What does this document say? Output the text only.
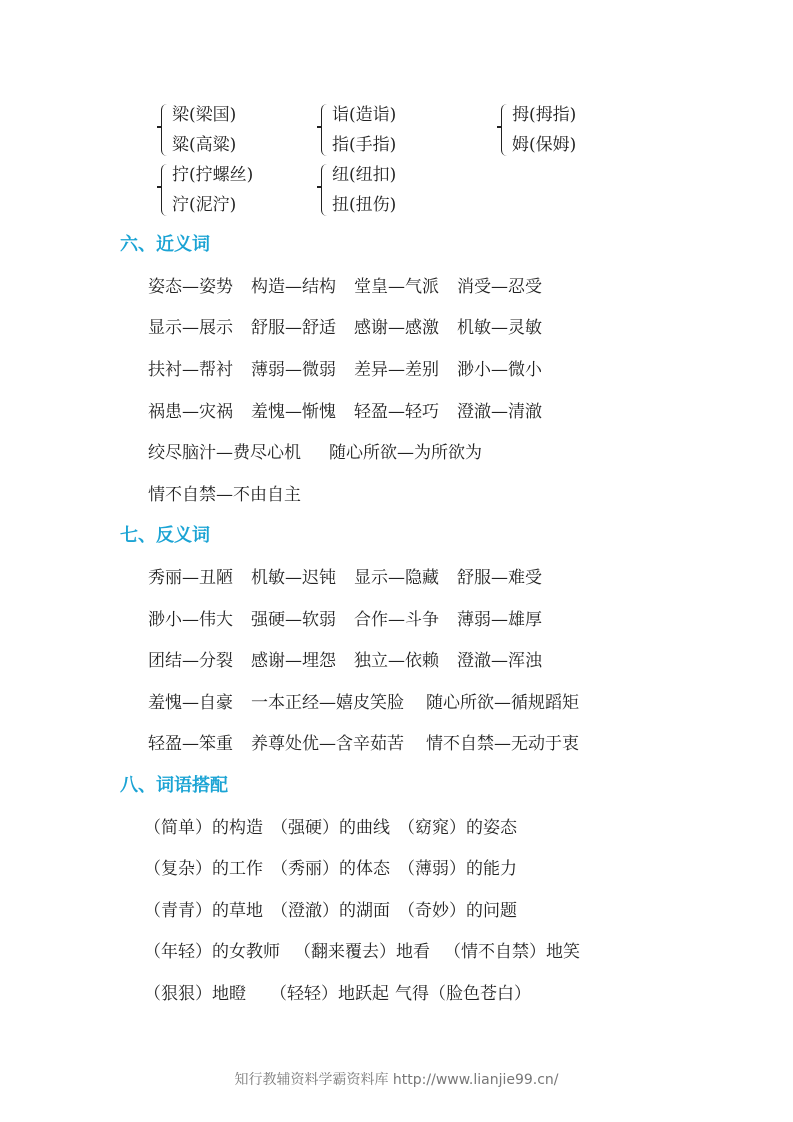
梁(梁国)
粱(高粱)
诣(造诣)
指(手指)
拇(拇指)
姆(保姆)
拧(拧螺丝)
泞(泥泞)
纽(纽扣)
扭(扭伤)
六、近义词
姿态—姿势 构造—结构 堂皇—气派 消受—忍受
显示—展示 舒服—舒适 感谢—感激 机敏—灵敏
扶衬—帮衬 薄弱—微弱 差异—差别 渺小—微小
祸患—灾祸 羞愧—惭愧 轻盈—轻巧 澄澈—清澈
绞尽脑汁—费尽心机 随心所欲—为所欲为
情不自禁—不由自主
七、反义词
秀丽—丑陋 机敏—迟钝 显示—隐藏 舒服—难受
渺小—伟大 强硬—软弱 合作—斗争 薄弱—雄厚
团结—分裂 感谢—埋怨 独立—依赖 澄澈—浑浊
羞愧—自豪 一本正经—嬉皮笑脸 随心所欲—循规蹈矩
轻盈—笨重 养尊处优—含辛茹苦 情不自禁—无动于衷
八、词语搭配
（简单）的构造 （强硬）的曲线 （窈窕）的姿态
（复杂）的工作 （秀丽）的体态 （薄弱）的能力
（青青）的草地 （澄澈）的湖面 （奇妙）的问题
（年轻）的女教师 （翻来覆去）地看 （情不自禁）地笑
（狠狠）地瞪 （轻轻）地跃起 气得（脸色苍白）
知行教辅资料学霸资料库 http://www.lianjie99.cn/
